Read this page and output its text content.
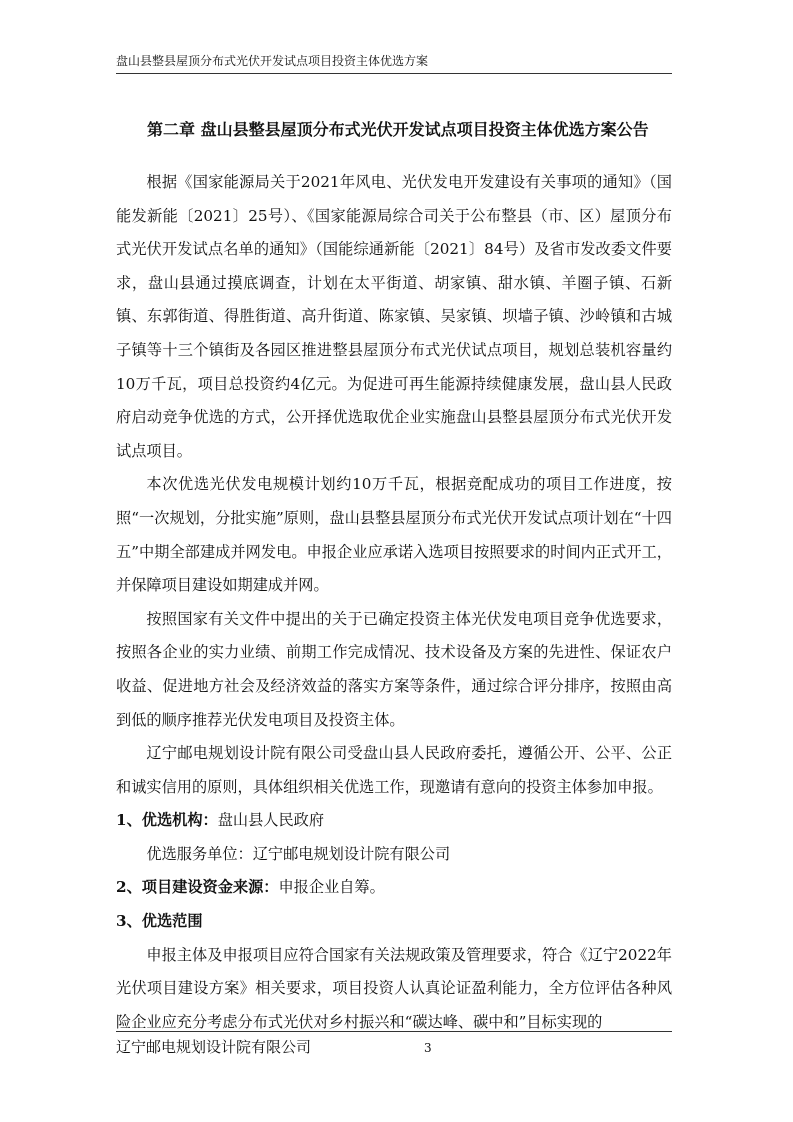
盘山县整县屋顶分布式光伏开发试点项目投资主体优选方案
第二章 盘山县整县屋顶分布式光伏开发试点项目投资主体优选方案公告

根据《国家能源局关于2021年风电、光伏发电开发建设有关事项的通知》（国能发新能〔2021〕25号）、《国家能源局综合司关于公布整县（市、区）屋顶分布式光伏开发试点名单的通知》（国能综通新能〔2021〕84号）及省市发改委文件要求，盘山县通过摸底调查，计划在太平街道、胡家镇、甜水镇、羊圈子镇、石新镇、东郭街道、得胜街道、高升街道、陈家镇、吴家镇、坝墙子镇、沙岭镇和古城子镇等十三个镇街及各园区推进整县屋顶分布式光伏试点项目，规划总装机容量约10万千瓦，项目总投资约4亿元。为促进可再生能源持续健康发展，盘山县人民政府启动竞争优选的方式，公开择优选取优企业实施盘山县整县屋顶分布式光伏开发试点项目。

本次优选光伏发电规模计划约10万千瓦，根据竞配成功的项目工作进度，按照“一次规划，分批实施”原则，盘山县整县屋顶分布式光伏开发试点项计划在“十四五”中期全部建成并网发电。申报企业应承诺入选项目按照要求的时间内正式开工，并保障项目建设如期建成并网。

按照国家有关文件中提出的关于已确定投资主体光伏发电项目竞争优选要求，按照各企业的实力业绩、前期工作完成情况、技术设备及方案的先进性、保证农户收益、促进地方社会及经济效益的落实方案等条件，通过综合评分排序，按照由高到低的顺序推荐光伏发电项目及投资主体。

辽宁邮电规划设计院有限公司受盘山县人民政府委托，遵循公开、公平、公正和诚实信用的原则，具体组织相关优选工作，现邀请有意向的投资主体参加申报。

1、优选机构：盘山县人民政府

优选服务单位：辽宁邮电规划设计院有限公司

2、项目建设资金来源：申报企业自筹。

3、优选范围

申报主体及申报项目应符合国家有关法规政策及管理要求，符合《辽宁2022年光伏项目建设方案》相关要求，项目投资人认真论证盈利能力，全方位评估各种风险企业应充分考虑分布式光伏对乡村振兴和“碳达峰、碳中和”目标实现的

辽宁邮电规划设计院有限公司	3
